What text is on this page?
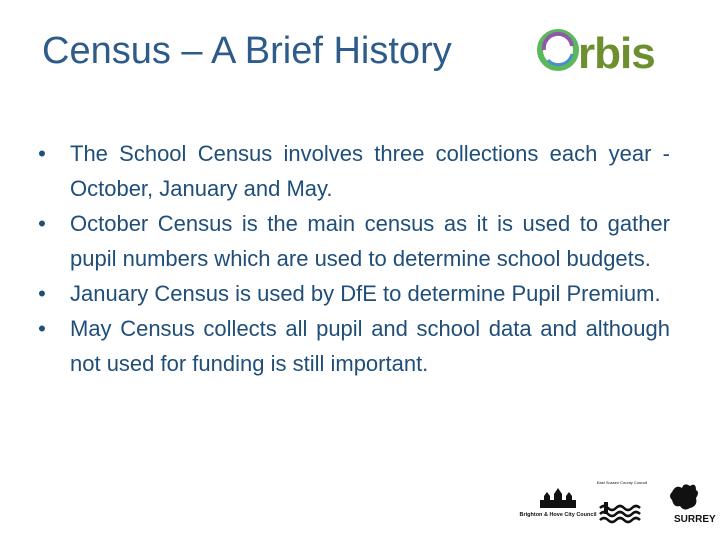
Census – A Brief History	rbis
• The School Census involves three collections each year - October, January and May.
• October Census is the main census as it is used to gather pupil numbers which are used to determine school budgets.
• January Census is used by DfE to determine Pupil Premium.
• May Census collects all pupil and school data and although not used for funding is still important.
Brighton & Hove City Council
East Sussex County Council
SURREY
